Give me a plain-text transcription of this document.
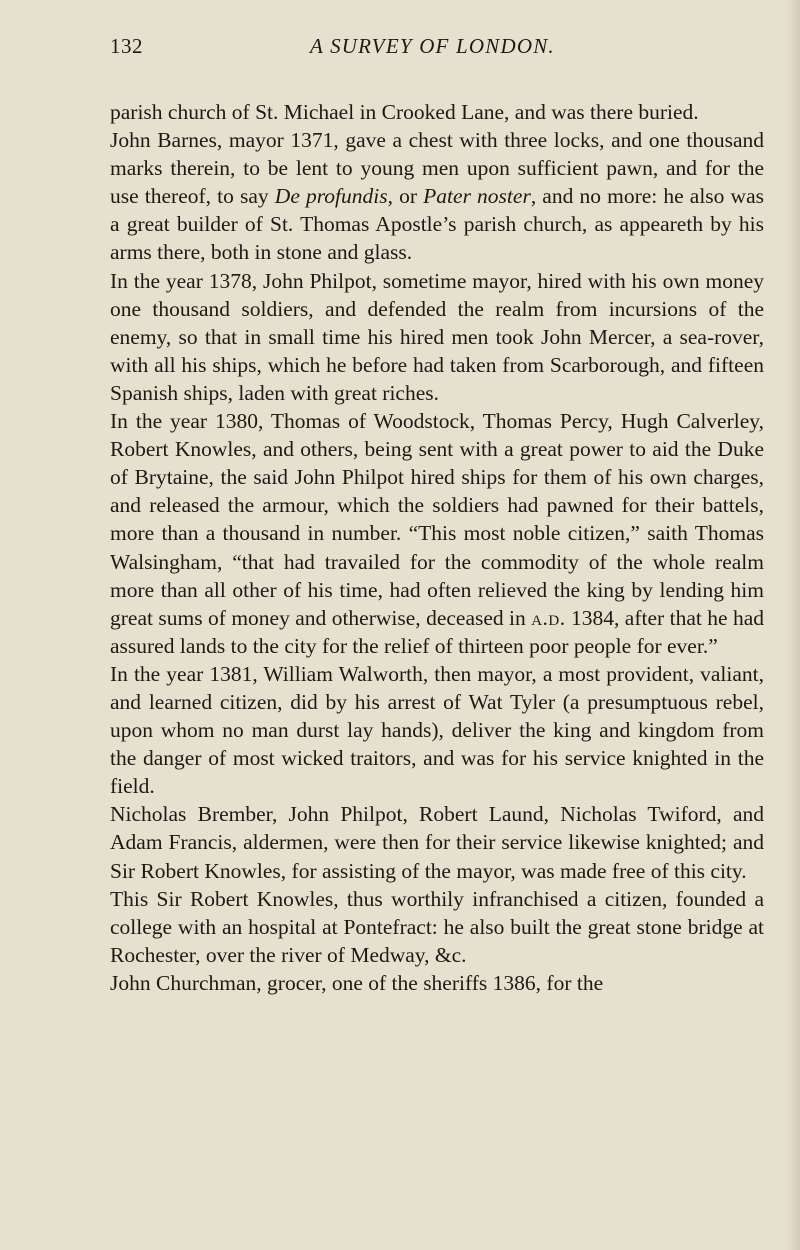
132	A SURVEY OF LONDON.

parish church of St. Michael in Crooked Lane, and was there buried.

John Barnes, mayor 1371, gave a chest with three locks, and one thousand marks therein, to be lent to young men upon sufficient pawn, and for the use thereof, to say De profundis, or Pater noster, and no more: he also was a great builder of St. Thomas Apostle’s parish church, as appeareth by his arms there, both in stone and glass.

In the year 1378, John Philpot, sometime mayor, hired with his own money one thousand soldiers, and defended the realm from incursions of the enemy, so that in small time his hired men took John Mercer, a sea-rover, with all his ships, which he before had taken from Scarborough, and fifteen Spanish ships, laden with great riches.

In the year 1380, Thomas of Woodstock, Thomas Percy, Hugh Calverley, Robert Knowles, and others, being sent with a great power to aid the Duke of Brytaine, the said John Philpot hired ships for them of his own charges, and released the armour, which the soldiers had pawned for their battels, more than a thousand in number. “This most noble citizen,” saith Thomas Walsingham, “that had travailed for the commodity of the whole realm more than all other of his time, had often relieved the king by lending him great sums of money and otherwise, deceased in a.d. 1384, after that he had assured lands to the city for the relief of thirteen poor people for ever.”

In the year 1381, William Walworth, then mayor, a most provident, valiant, and learned citizen, did by his arrest of Wat Tyler (a presumptuous rebel, upon whom no man durst lay hands), deliver the king and kingdom from the danger of most wicked traitors, and was for his service knighted in the field.

Nicholas Brember, John Philpot, Robert Laund, Nicholas Twiford, and Adam Francis, aldermen, were then for their service likewise knighted; and Sir Robert Knowles, for assisting of the mayor, was made free of this city.

This Sir Robert Knowles, thus worthily infranchised a citizen, founded a college with an hospital at Pontefract: he also built the great stone bridge at Rochester, over the river of Medway, &c.

John Churchman, grocer, one of the sheriffs 1386, for the
